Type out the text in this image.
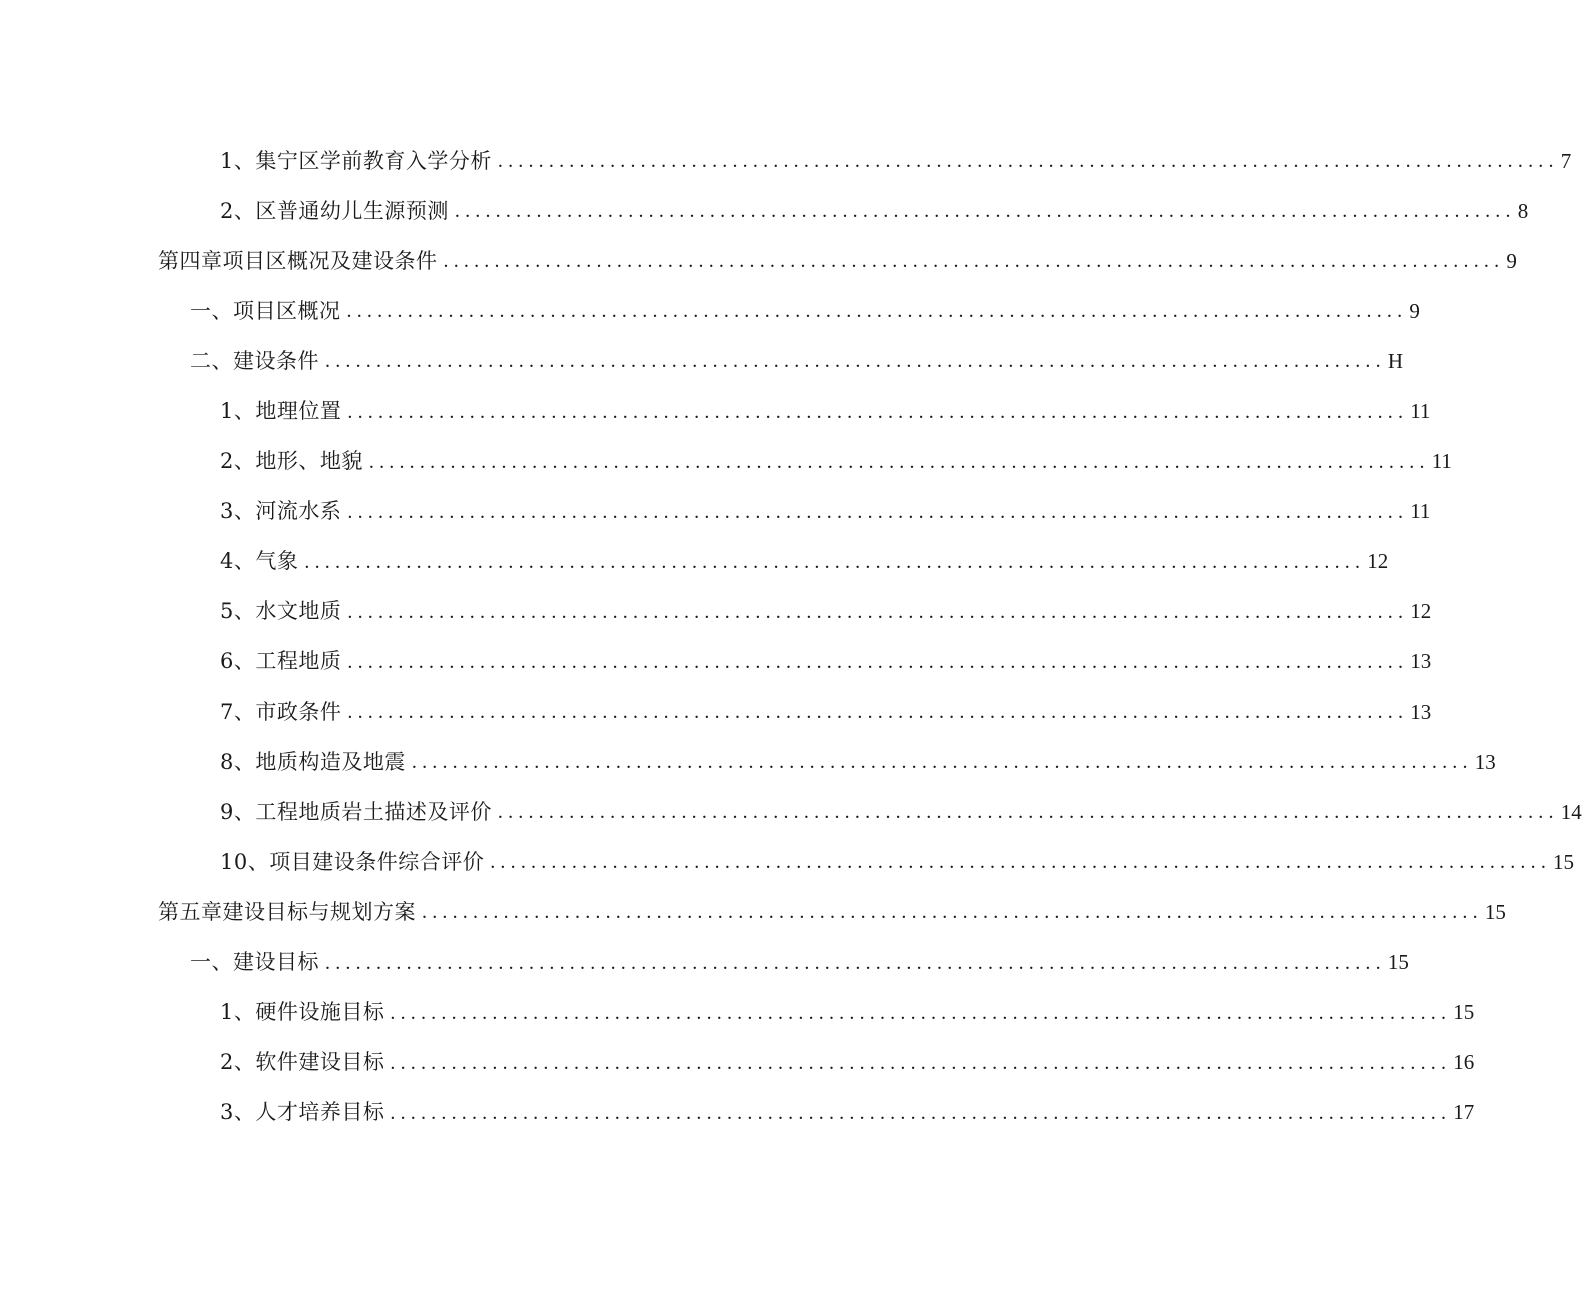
1、集宁区学前教育入学分析 ........................................................................................................ 7
2、区普通幼儿生源预测 ........................................................................................................ 8
第四章项目区概况及建设条件 ........................................................................................................ 9
一、项目区概况 ........................................................................................................ 9
二、建设条件 ........................................................................................................ H
1、地理位置 ........................................................................................................ 11
2、地形、地貌 ........................................................................................................ 11
3、河流水系 ........................................................................................................ 11
4、气象 ........................................................................................................ 12
5、水文地质 ........................................................................................................ 12
6、工程地质 ........................................................................................................ 13
7、市政条件 ........................................................................................................ 13
8、地质构造及地震 ........................................................................................................ 13
9、工程地质岩土描述及评价 ........................................................................................................ 14
10、项目建设条件综合评价 ........................................................................................................ 15
第五章建设目标与规划方案 ........................................................................................................ 15
一、建设目标 ........................................................................................................ 15
1、硬件设施目标 ........................................................................................................ 15
2、软件建设目标 ........................................................................................................ 16
3、人才培养目标 ........................................................................................................ 17
